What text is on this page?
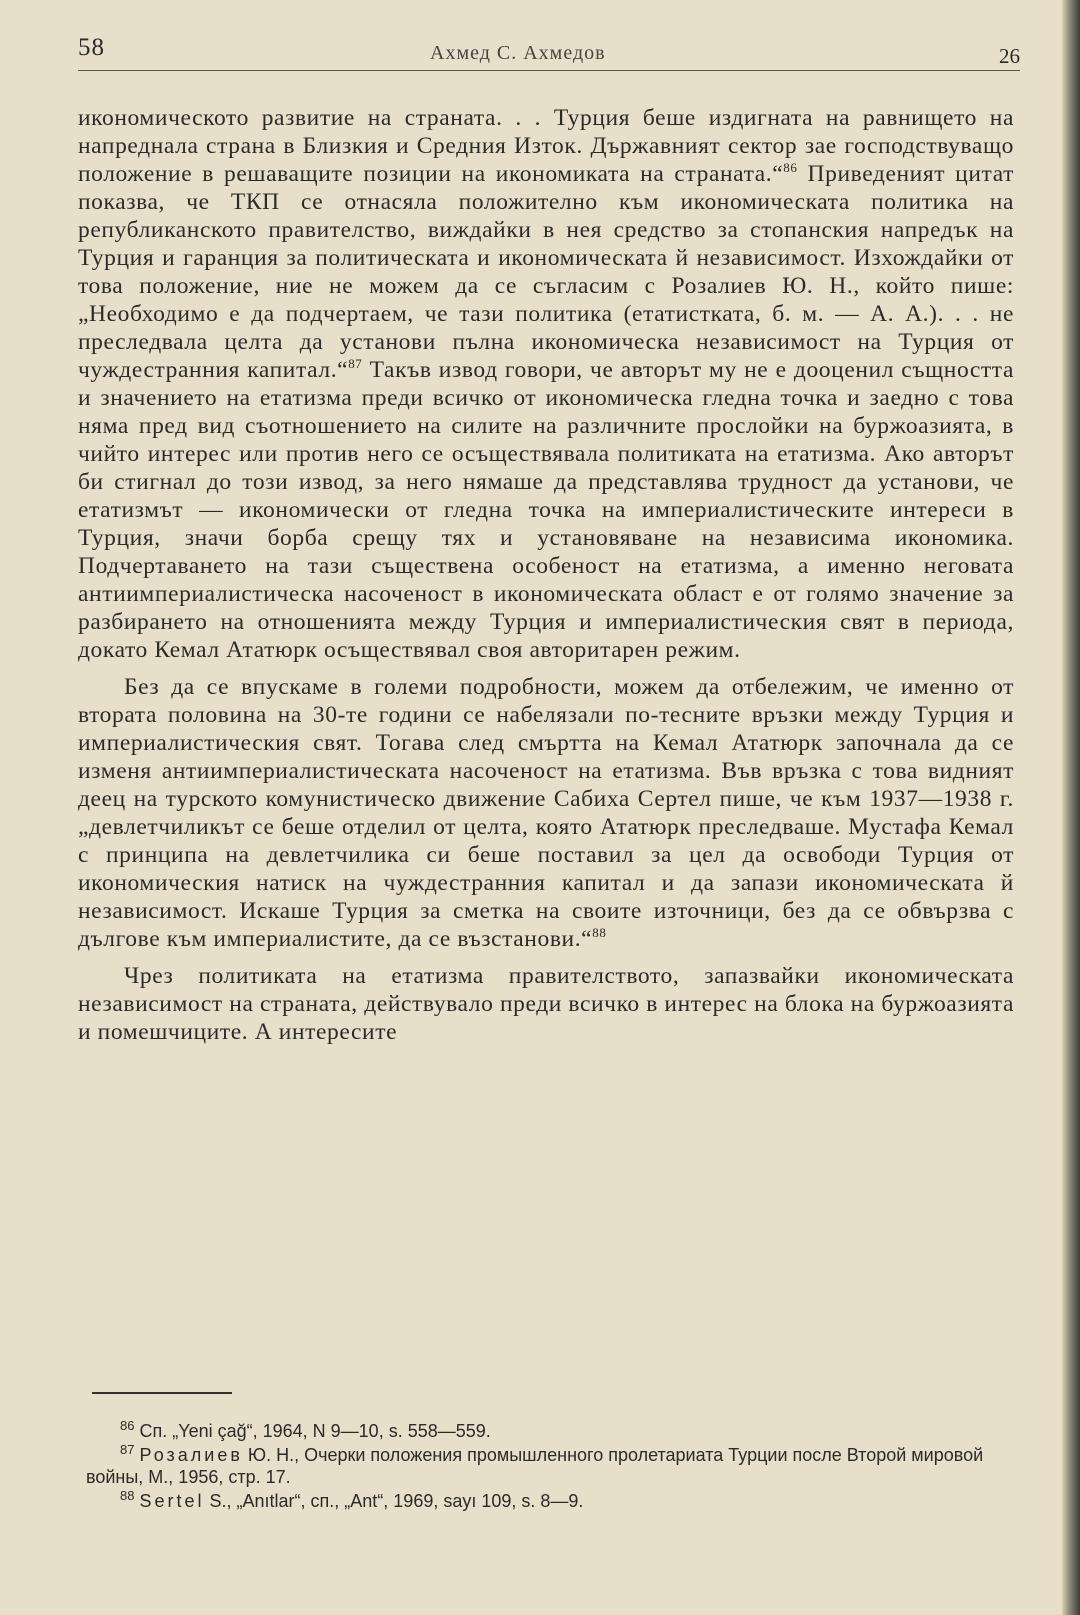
58	Ахмед С. Ахмедов	26

икономическото развитие на страната. . . Турция беше издигната на равнището на напреднала страна в Близкия и Средния Изток. Държавният сектор зае господствуващо положение в решаващите позиции на икономиката на страната.“$^{86}$ Приведеният цитат показва, че ТКП се отнасяла положително към икономическата политика на републиканското правителство, виждайки в нея средство за стопанския напредък на Турция и гаранция за политическата и икономическата й независимост. Изхождайки от това положение, ние не можем да се съгласим с Розалиев Ю. Н., който пише: „Необходимо е да подчертаем, че тази политика (етатистката, б. м. — А. А.). . . не преследвала целта да установи пълна икономическа независимост на Турция от чуждестранния капитал.“$^{87}$ Такъв извод говори, че авторът му не е дооценил същността и значението на етатизма преди всичко от икономическа гледна точка и заедно с това няма пред вид съотношението на силите на различните прослойки на буржоазията, в чийто интерес или против него се осъществявала политиката на етатизма. Ако авторът би стигнал до този извод, за него нямаше да представлява трудност да установи, че етатизмът — икономически от гледна точка на империалистическите интереси в Турция, значи борба срещу тях и установяване на независима икономика. Подчертаването на тази съществена особеност на етатизма, а именно неговата антиимпериалистическа насоченост в икономическата област е от голямо значение за разбирането на отношенията между Турция и империалистическия свят в периода, докато Кемал Ататюрк осъществявал своя авторитарен режим.

Без да се впускаме в големи подробности, можем да отбележим, че именно от втората половина на 30-те години се набелязали по-тесните връзки между Турция и империалистическия свят. Тогава след смъртта на Кемал Ататюрк започнала да се изменя антиимпериалистическата насоченост на етатизма. Във връзка с това видният деец на турското комунистическо движение Сабиха Сертел пише, че към 1937—1938 г. „девлетчиликът се беше отделил от целта, която Ататюрк преследваше. Мустафа Кемал с принципа на девлетчилика си беше поставил за цел да освободи Турция от икономическия натиск на чуждестранния капитал и да запази икономическата й независимост. Искаше Турция за сметка на своите източници, без да се обвързва с дългове към империалистите, да се възстанови.“$^{88}$

Чрез политиката на етатизма правителството, запазвайки икономическата независимост на страната, действувало преди всичко в интерес на блока на буржоазията и помешчиците. А интересите

$^{86}$ Сп. „Yeni çağ“, 1964, N 9—10, s. 558—559.
$^{87}$ Розалиев Ю. Н., Очерки положения промышленного пролетариата Турции после Второй мировой войны, М., 1956, стр. 17.
$^{88}$ Sertel S., „Anıtlar“, сп., „Ant“, 1969, sayı 109, s. 8—9.
